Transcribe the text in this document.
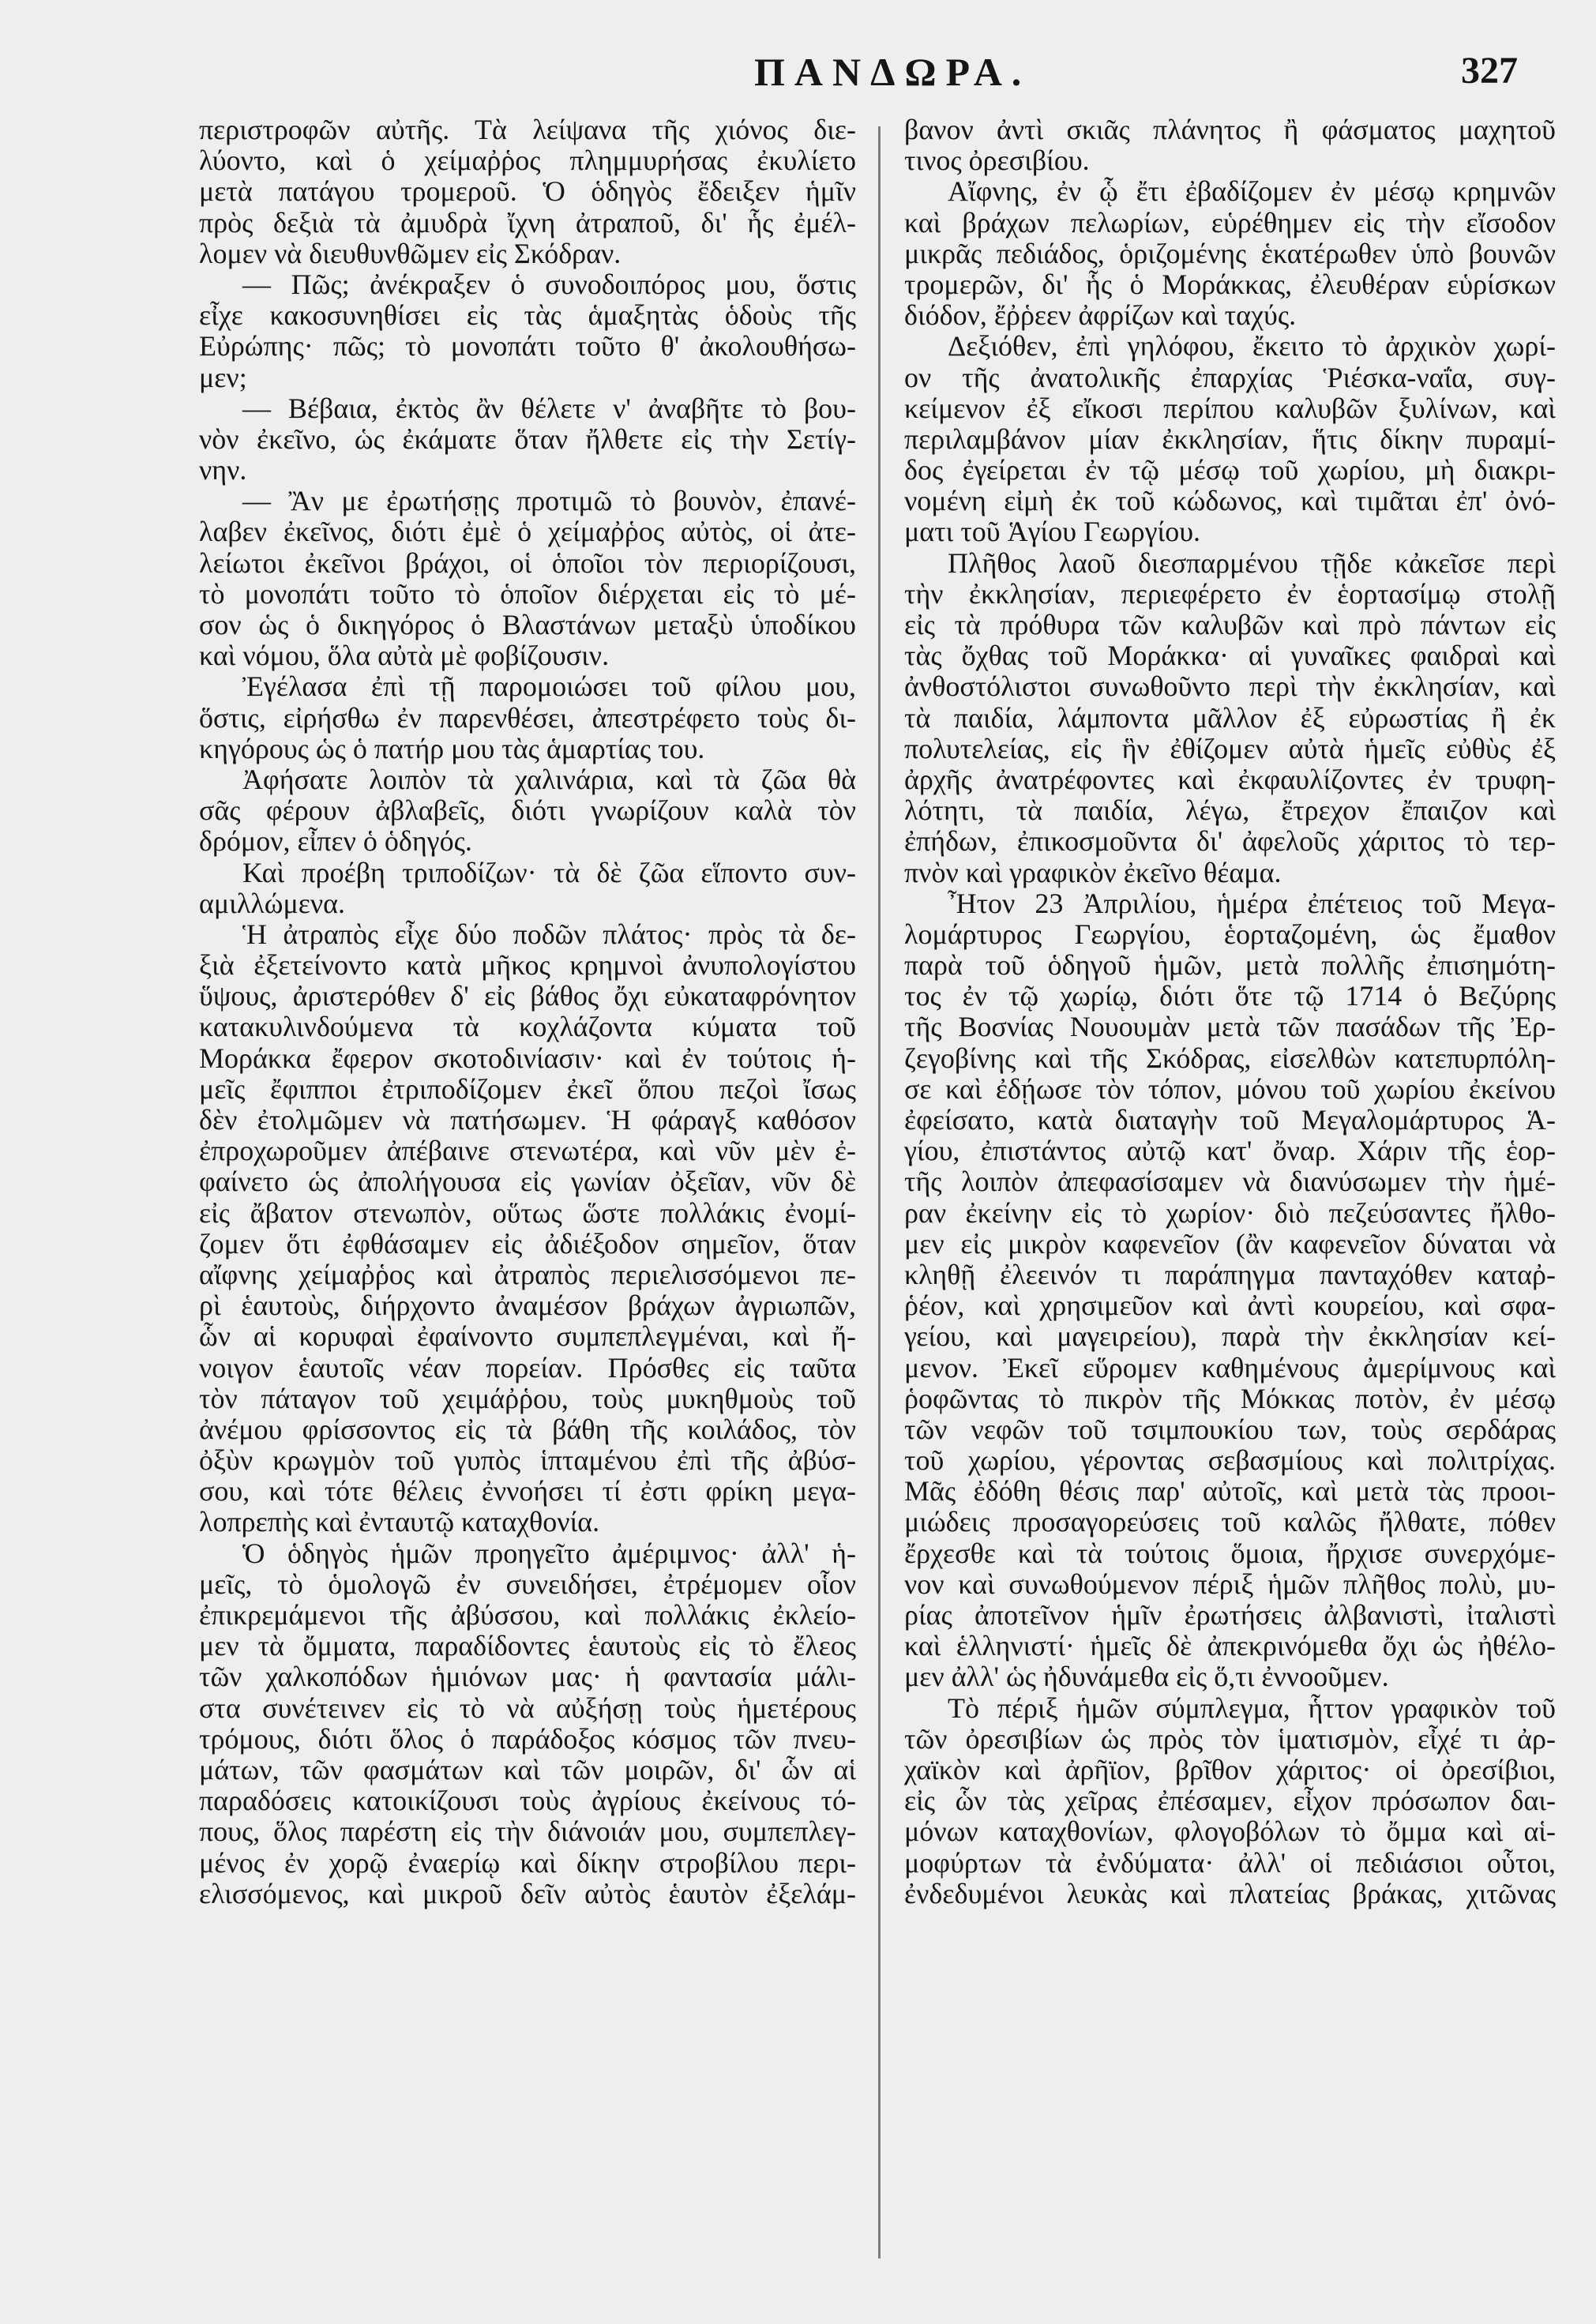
ΠΑΝΔΩΡΑ.	327
περιστροφῶν αὐτῆς. Τὰ λείψανα τῆς χιόνος διε-
λύοντο, καὶ ὁ χείμαῤῥος πλημμυρήσας ἐκυλίετο
μετὰ πατάγου τρομεροῦ. Ὁ ὁδηγὸς ἔδειξεν ἡμῖν
πρὸς δεξιὰ τὰ ἀμυδρὰ ἴχνη ἀτραποῦ, δι' ἧς ἐμέλ-
λομεν νὰ διευθυνθῶμεν εἰς Σκόδραν.
— Πῶς; ἀνέκραξεν ὁ συνοδοιπόρος μου, ὅστις
εἶχε κακοσυνηθίσει εἰς τὰς ἁμαξητὰς ὁδοὺς τῆς
Εὐρώπης· πῶς; τὸ μονοπάτι τοῦτο θ' ἀκολουθήσω-
μεν;
— Βέβαια, ἐκτὸς ἂν θέλετε ν' ἀναβῆτε τὸ βου-
νὸν ἐκεῖνο, ὡς ἐκάματε ὅταν ἤλθετε εἰς τὴν Σετίγ-
νην.
— Ἂν με ἐρωτήσῃς προτιμῶ τὸ βουνὸν, ἐπανέ-
λαβεν ἐκεῖνος, διότι ἐμὲ ὁ χείμαῤῥος αὐτὸς, οἱ ἀτε-
λείωτοι ἐκεῖνοι βράχοι, οἱ ὁποῖοι τὸν περιορίζουσι,
τὸ μονοπάτι τοῦτο τὸ ὁποῖον διέρχεται εἰς τὸ μέ-
σον ὡς ὁ δικηγόρος ὁ Βλαστάνων μεταξὺ ὑποδίκου
καὶ νόμου, ὅλα αὐτὰ μὲ φοβίζουσιν.
Ἐγέλασα ἐπὶ τῇ παρομοιώσει τοῦ φίλου μου,
ὅστις, εἰρήσθω ἐν παρενθέσει, ἀπεστρέφετο τοὺς δι-
κηγόρους ὡς ὁ πατήρ μου τὰς ἁμαρτίας του.
Ἀφήσατε λοιπὸν τὰ χαλινάρια, καὶ τὰ ζῶα θὰ
σᾶς φέρουν ἀβλαβεῖς, διότι γνωρίζουν καλὰ τὸν
δρόμον, εἶπεν ὁ ὁδηγός.
Καὶ προέβη τριποδίζων· τὰ δὲ ζῶα εἵποντο συν-
αμιλλώμενα.
Ἡ ἀτραπὸς εἶχε δύο ποδῶν πλάτος· πρὸς τὰ δε-
ξιὰ ἐξετείνοντο κατὰ μῆκος κρημνοὶ ἀνυπολογίστου
ὕψους, ἀριστερόθεν δ' εἰς βάθος ὄχι εὐκαταφρόνητον
κατακυλινδούμενα τὰ κοχλάζοντα κύματα τοῦ
Μοράκκα ἔφερον σκοτοδινίασιν· καὶ ἐν τούτοις ἡ-
μεῖς ἔφιπποι ἐτριποδίζομεν ἐκεῖ ὅπου πεζοὶ ἴσως
δὲν ἐτολμῶμεν νὰ πατήσωμεν. Ἡ φάραγξ καθόσον
ἐπροχωροῦμεν ἀπέβαινε στενωτέρα, καὶ νῦν μὲν ἐ-
φαίνετο ὡς ἀπολήγουσα εἰς γωνίαν ὀξεῖαν, νῦν δὲ
εἰς ἄβατον στενωπὸν, οὕτως ὥστε πολλάκις ἐνομί-
ζομεν ὅτι ἐφθάσαμεν εἰς ἀδιέξοδον σημεῖον, ὅταν
αἴφνης χείμαῤῥος καὶ ἀτραπὸς περιελισσόμενοι πε-
ρὶ ἑαυτοὺς, διήρχοντο ἀναμέσον βράχων ἀγριωπῶν,
ὧν αἱ κορυφαὶ ἐφαίνοντο συμπεπλεγμέναι, καὶ ἤ-
νοιγον ἑαυτοῖς νέαν πορείαν. Πρόσθες εἰς ταῦτα
τὸν πάταγον τοῦ χειμάῤῥου, τοὺς μυκηθμοὺς τοῦ
ἀνέμου φρίσσοντος εἰς τὰ βάθη τῆς κοιλάδος, τὸν
ὀξὺν κρωγμὸν τοῦ γυπὸς ἱπταμένου ἐπὶ τῆς ἀβύσ-
σου, καὶ τότε θέλεις ἐννοήσει τί ἐστι φρίκη μεγα-
λοπρεπὴς καὶ ἐνταυτῷ καταχθονία.
Ὁ ὁδηγὸς ἡμῶν προηγεῖτο ἀμέριμνος· ἀλλ' ἡ-
μεῖς, τὸ ὁμολογῶ ἐν συνειδήσει, ἐτρέμομεν οἷον
ἐπικρεμάμενοι τῆς ἀβύσσου, καὶ πολλάκις ἐκλείο-
μεν τὰ ὄμματα, παραδίδοντες ἑαυτοὺς εἰς τὸ ἔλεος
τῶν χαλκοπόδων ἡμιόνων μας· ἡ φαντασία μάλι-
στα συνέτεινεν εἰς τὸ νὰ αὐξήσῃ τοὺς ἡμετέρους
τρόμους, διότι ὅλος ὁ παράδοξος κόσμος τῶν πνευ-
μάτων, τῶν φασμάτων καὶ τῶν μοιρῶν, δι' ὧν αἱ
παραδόσεις κατοικίζουσι τοὺς ἀγρίους ἐκείνους τό-
πους, ὅλος παρέστη εἰς τὴν διάνοιάν μου, συμπεπλεγ-
μένος ἐν χορῷ ἐναερίῳ καὶ δίκην στροβίλου περι-
ελισσόμενος, καὶ μικροῦ δεῖν αὐτὸς ἑαυτὸν ἐξελάμ-
βανον ἀντὶ σκιᾶς πλάνητος ἢ φάσματος μαχητοῦ
τινος ὀρεσιβίου.
Αἴφνης, ἐν ᾧ ἔτι ἐβαδίζομεν ἐν μέσῳ κρημνῶν
καὶ βράχων πελωρίων, εὑρέθημεν εἰς τὴν εἴσοδον
μικρᾶς πεδιάδος, ὁριζομένης ἑκατέρωθεν ὑπὸ βουνῶν
τρομερῶν, δι' ἧς ὁ Μοράκκας, ἐλευθέραν εὑρίσκων
διόδον, ἔῤῥεεν ἀφρίζων καὶ ταχύς.
Δεξιόθεν, ἐπὶ γηλόφου, ἔκειτο τὸ ἀρχικὸν χωρί-
ον τῆς ἀνατολικῆς ἐπαρχίας Ῥιέσκα-ναΐα, συγ-
κείμενον ἐξ εἴκοσι περίπου καλυβῶν ξυλίνων, καὶ
περιλαμβάνον μίαν ἐκκλησίαν, ἥτις δίκην πυραμί-
δος ἐγείρεται ἐν τῷ μέσῳ τοῦ χωρίου, μὴ διακρι-
νομένη εἰμὴ ἐκ τοῦ κώδωνος, καὶ τιμᾶται ἐπ' ὀνό-
ματι τοῦ Ἁγίου Γεωργίου.
Πλῆθος λαοῦ διεσπαρμένου τῇδε κἀκεῖσε περὶ
τὴν ἐκκλησίαν, περιεφέρετο ἐν ἑορτασίμῳ στολῇ
εἰς τὰ πρόθυρα τῶν καλυβῶν καὶ πρὸ πάντων εἰς
τὰς ὄχθας τοῦ Μοράκκα· αἱ γυναῖκες φαιδραὶ καὶ
ἀνθοστόλιστοι συνωθοῦντο περὶ τὴν ἐκκλησίαν, καὶ
τὰ παιδία, λάμποντα μᾶλλον ἐξ εὐρωστίας ἢ ἐκ
πολυτελείας, εἰς ἣν ἐθίζομεν αὐτὰ ἡμεῖς εὐθὺς ἐξ
ἀρχῆς ἀνατρέφοντες καὶ ἐκφαυλίζοντες ἐν τρυφη-
λότητι, τὰ παιδία, λέγω, ἔτρεχον ἔπαιζον καὶ
ἐπήδων, ἐπικοσμοῦντα δι' ἀφελοῦς χάριτος τὸ τερ-
πνὸν καὶ γραφικὸν ἐκεῖνο θέαμα.
Ἦτον 23 Ἀπριλίου, ἡμέρα ἐπέτειος τοῦ Μεγα-
λομάρτυρος Γεωργίου, ἑορταζομένη, ὡς ἔμαθον
παρὰ τοῦ ὁδηγοῦ ἡμῶν, μετὰ πολλῆς ἐπισημότη-
τος ἐν τῷ χωρίῳ, διότι ὅτε τῷ 1714 ὁ Βεζύρης
τῆς Βοσνίας Νουουμὰν μετὰ τῶν πασάδων τῆς Ἐρ-
ζεγοβίνης καὶ τῆς Σκόδρας, εἰσελθὼν κατεπυρπόλη-
σε καὶ ἐδῄωσε τὸν τόπον, μόνου τοῦ χωρίου ἐκείνου
ἐφείσατο, κατὰ διαταγὴν τοῦ Μεγαλομάρτυρος Ἁ-
γίου, ἐπιστάντος αὐτῷ κατ' ὄναρ. Χάριν τῆς ἑορ-
τῆς λοιπὸν ἀπεφασίσαμεν νὰ διανύσωμεν τὴν ἡμέ-
ραν ἐκείνην εἰς τὸ χωρίον· διὸ πεζεύσαντες ἤλθο-
μεν εἰς μικρὸν καφενεῖον (ἂν καφενεῖον δύναται νὰ
κληθῇ ἐλεεινόν τι παράπηγμα πανταχόθεν καταῤ-
ῥέον, καὶ χρησιμεῦον καὶ ἀντὶ κουρείου, καὶ σφα-
γείου, καὶ μαγειρείου), παρὰ τὴν ἐκκλησίαν κεί-
μενον. Ἐκεῖ εὕρομεν καθημένους ἀμερίμνους καὶ
ῥοφῶντας τὸ πικρὸν τῆς Μόκκας ποτὸν, ἐν μέσῳ
τῶν νεφῶν τοῦ τσιμπουκίου των, τοὺς σερδάρας
τοῦ χωρίου, γέροντας σεβασμίους καὶ πολιτρίχας.
Μᾶς ἐδόθη θέσις παρ' αὐτοῖς, καὶ μετὰ τὰς προοι-
μιώδεις προσαγορεύσεις τοῦ καλῶς ἤλθατε, πόθεν
ἔρχεσθε καὶ τὰ τούτοις ὅμοια, ἤρχισε συνερχόμε-
νον καὶ συνωθούμενον πέριξ ἡμῶν πλῆθος πολὺ, μυ-
ρίας ἀποτεῖνον ἡμῖν ἐρωτήσεις ἀλβανιστὶ, ἰταλιστὶ
καὶ ἑλληνιστί· ἡμεῖς δὲ ἀπεκρινόμεθα ὄχι ὡς ἠθέλο-
μεν ἀλλ' ὡς ἠδυνάμεθα εἰς ὅ,τι ἐννοοῦμεν.
Τὸ πέριξ ἡμῶν σύμπλεγμα, ἧττον γραφικὸν τοῦ
τῶν ὀρεσιβίων ὡς πρὸς τὸν ἱματισμὸν, εἶχέ τι ἀρ-
χαϊκὸν καὶ ἀρῆϊον, βρῖθον χάριτος· οἱ ὀρεσίβιοι,
εἰς ὧν τὰς χεῖρας ἐπέσαμεν, εἶχον πρόσωπον δαι-
μόνων καταχθονίων, φλογοβόλων τὸ ὄμμα καὶ αἱ-
μοφύρτων τὰ ἐνδύματα· ἀλλ' οἱ πεδιάσιοι οὗτοι,
ἐνδεδυμένοι λευκὰς καὶ πλατείας βράκας, χιτῶνας
